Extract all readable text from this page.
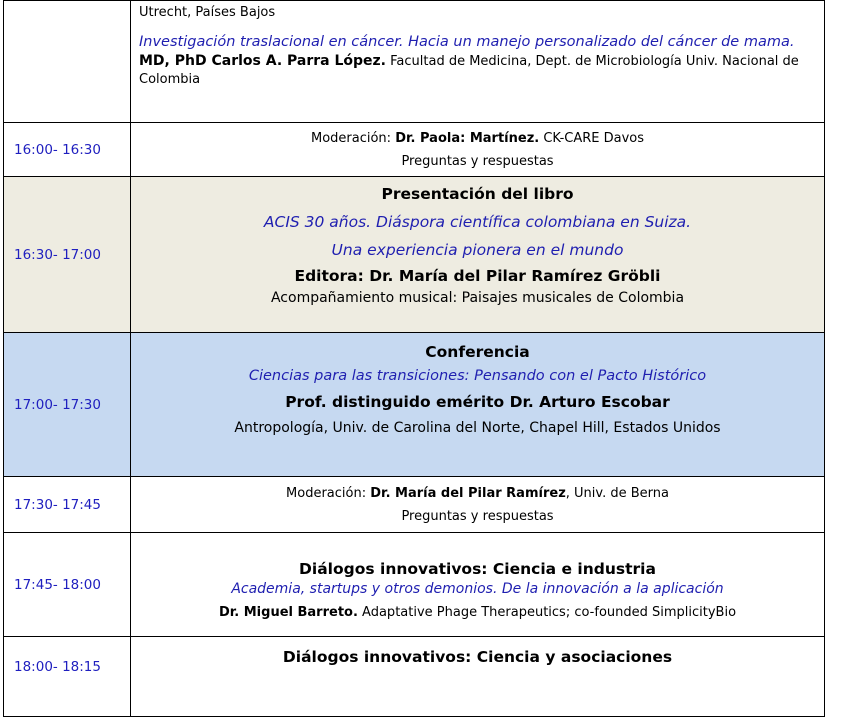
	Utrecht, Países Bajos
Investigación traslacional en cáncer. Hacia un manejo personalizado del cáncer de mama.
MD, PhD Carlos A. Parra López. Facultad de Medicina, Dept. de Microbiología Univ. Nacional de Colombia

16:00- 16:30	Moderación: Dr. Paola: Martínez. CK-CARE Davos
Preguntas y respuestas

16:30- 17:00	Presentación del libro
ACIS 30 años. Diáspora científica colombiana en Suiza.
Una experiencia pionera en el mundo
Editora: Dr. María del Pilar Ramírez Gröbli
Acompañamiento musical: Paisajes musicales de Colombia

17:00- 17:30	Conferencia
Ciencias para las transiciones: Pensando con el Pacto Histórico
Prof. distinguido emérito Dr. Arturo Escobar
Antropología, Univ. de Carolina del Norte, Chapel Hill, Estados Unidos

17:30- 17:45	Moderación: Dr. María del Pilar Ramírez, Univ. de Berna
Preguntas y respuestas

17:45- 18:00	Diálogos innovativos: Ciencia e industria
Academia, startups y otros demonios. De la innovación a la aplicación
Dr. Miguel Barreto. Adaptative Phage Therapeutics; co-founded SimplicityBio

18:00- 18:15	Diálogos innovativos: Ciencia y asociaciones
